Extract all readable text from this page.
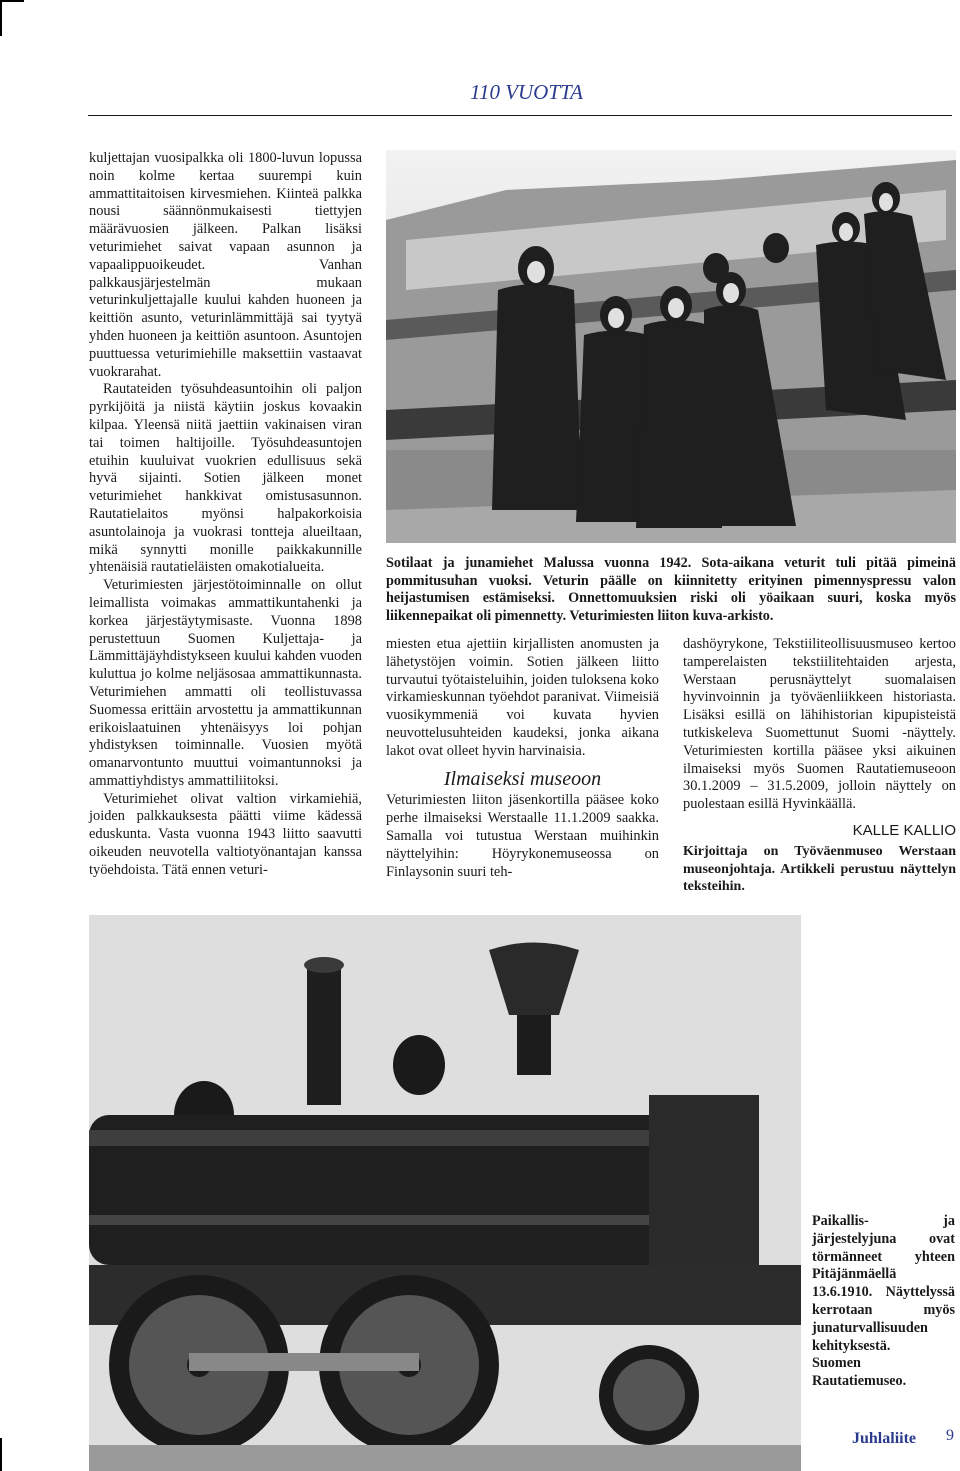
110 VUOTTA

kuljettajan vuosipalkka oli 1800-luvun lopussa noin kolme kertaa suurempi kuin ammattitaitoisen kirvesmiehen. Kiinteä palkka nousi säännönmukaisesti tiettyjen määrävuosien jälkeen. Palkan lisäksi veturimiehet saivat vapaan asunnon ja vapaalippuoikeudet. Vanhan palkkausjärjestelmän mukaan veturinkuljettajalle kuului kahden huoneen ja keittiön asunto, veturinlämmittäjä sai tyytyä yhden huoneen ja keittiön asuntoon. Asuntojen puuttuessa veturimiehille maksettiin vastaavat vuokrarahat.

Rautateiden työsuhdeasuntoihin oli paljon pyrkijöitä ja niistä käytiin joskus kovaakin kilpaa. Yleensä niitä jaettiin vakinaisen viran tai toimen haltijoille. Työsuhdeasuntojen etuihin kuuluivat vuokrien edullisuus sekä hyvä sijainti. Sotien jälkeen monet veturimiehet hankkivat omistusasunnon. Rautatielaitos myönsi halpakorkoisia asuntolainoja ja vuokrasi tontteja alueiltaan, mikä synnytti monille paikkakunnille yhtenäisiä rautatieläisten omakotialueita.

Veturimiesten järjestötoiminnalle on ollut leimallista voimakas ammattikuntahenki ja korkea järjestäytymisaste. Vuonna 1898 perustettuun Suomen Kuljettaja- ja Lämmittäjäyhdistykseen kuului kahden vuoden kuluttua jo kolme neljäsosaa ammattikunnasta. Veturimiehen ammatti oli teollistuvassa Suomessa erittäin arvostettu ja ammattikunnan erikoislaatuinen yhtenäisyys loi pohjan yhdistyksen toiminnalle. Vuosien myötä omanarvontunto muuttui voimantunnoksi ja ammattiyhdistys ammattiliitoksi.

Veturimiehet olivat valtion virkamiehiä, joiden palkkauksesta päätti viime kädessä eduskunta. Vasta vuonna 1943 liitto saavutti oikeuden neuvotella valtiotyönantajan kanssa työehdoista. Tätä ennen veturi-

Sotilaat ja junamiehet Malussa vuonna 1942. Sota-aikana veturit tuli pitää pimeinä pommitusuhan vuoksi. Veturin päälle on kiinnitetty erityinen pimennyspressu valon heijastumisen estämiseksi. Onnettomuuksien riski oli yöaikaan suuri, koska myös liikennepaikat oli pimennetty. Veturimiesten liiton kuva-arkisto.

miesten etua ajettiin kirjallisten anomusten ja lähetystöjen voimin. Sotien jälkeen liitto turvautui työtaisteluihin, joiden tuloksena koko virkamieskunnan työehdot paranivat. Viimeisiä vuosikymmeniä voi kuvata hyvien neuvottelusuhteiden kaudeksi, jonka aikana lakot ovat olleet hyvin harvinaisia.

Ilmaiseksi museoon

Veturimiesten liiton jäsenkortilla pääsee koko perhe ilmaiseksi Werstaalle 11.1.2009 saakka. Samalla voi tutustua Werstaan muihinkin näyttelyihin: Höyrykonemuseossa on Finlaysonin suuri teh-

dashöyrykone, Tekstiiliteollisuusmuseo kertoo tamperelaisten tekstiilitehtaiden arjesta, Werstaan perusnäyttelyt suomalaisen hyvinvoinnin ja työväenliikkeen historiasta. Lisäksi esillä on lähihistorian kipupisteistä tutkiskeleva Suomettunut Suomi -näyttely. Veturimiesten kortilla pääsee yksi aikuinen ilmaiseksi myös Suomen Rautatiemuseoon 30.1.2009 – 31.5.2009, jolloin näyttely on puolestaan esillä Hyvinkäällä.

KALLE KALLIO
Kirjoittaja on Työväenmuseo Werstaan museonjohtaja. Artikkeli perustuu näyttelyn teksteihin.
Paikallis- ja järjestelyjuna ovat törmänneet yhteen Pitäjänmäellä 13.6.1910. Näyttelyssä kerrotaan myös junaturvallisuuden kehityksestä.
Suomen Rautatiemuseo.
Juhlaliite 9
